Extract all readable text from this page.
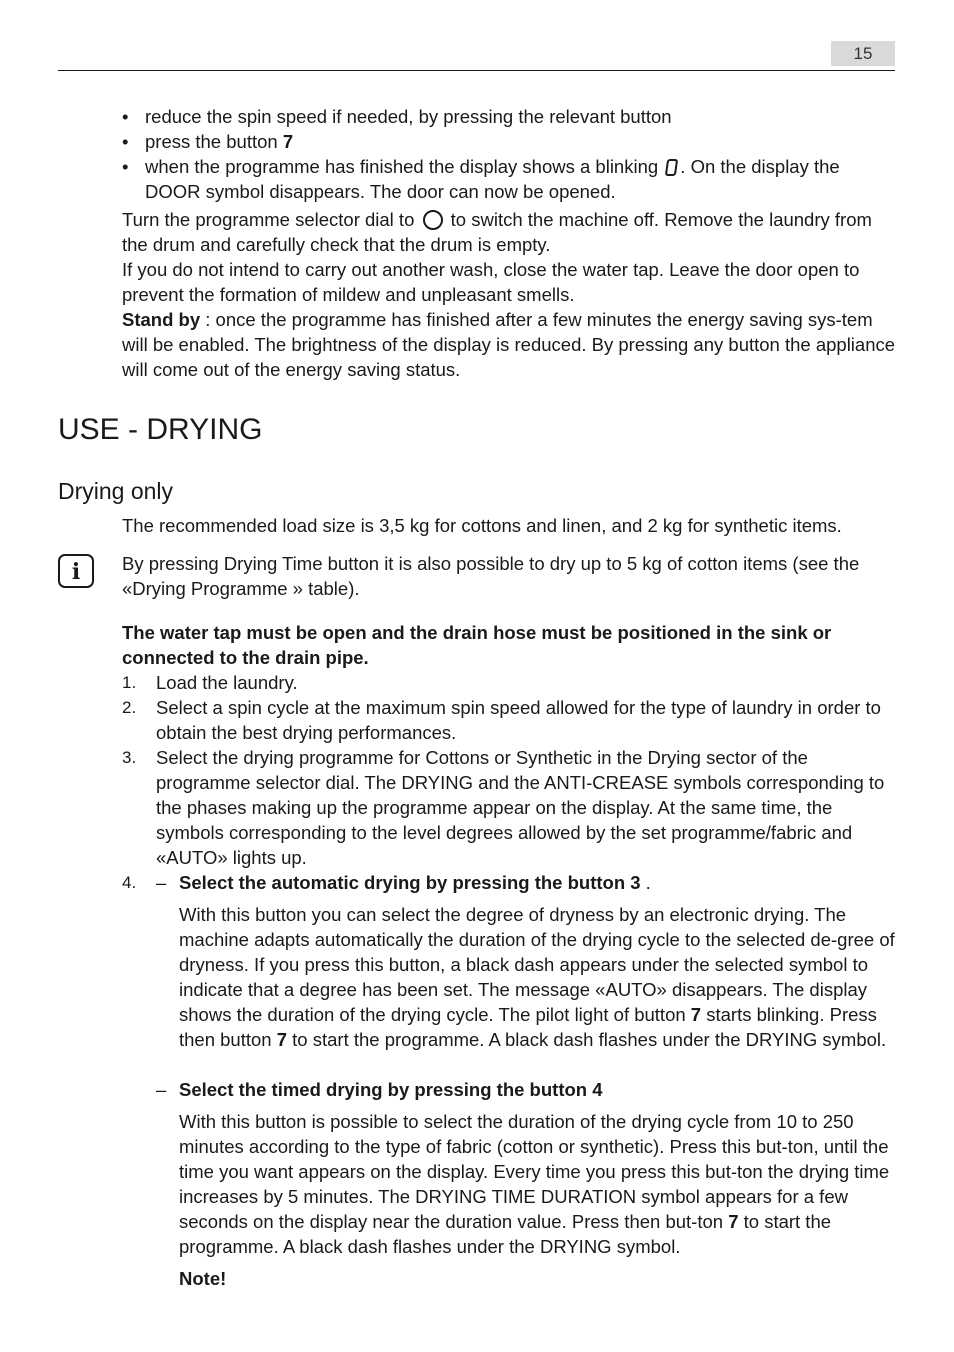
15
• reduce the spin speed if needed, by pressing the relevant button
• press the button 7
• when the programme has finished the display shows a blinking . On the display the DOOR symbol disappears. The door can now be opened.
Turn the programme selector dial to to switch the machine off. Remove the laundry from the drum and carefully check that the drum is empty.
If you do not intend to carry out another wash, close the water tap. Leave the door open to prevent the formation of mildew and unpleasant smells.
Stand by : once the programme has finished after a few minutes the energy saving sys-tem will be enabled. The brightness of the display is reduced. By pressing any button the appliance will come out of the energy saving status.
USE - DRYING
Drying only
The recommended load size is 3,5 kg for cottons and linen, and 2 kg for synthetic items.
i	By pressing Drying Time button it is also possible to dry up to 5 kg of cotton items (see the «Drying Programme » table).
The water tap must be open and the drain hose must be positioned in the sink or connected to the drain pipe.
1. Load the laundry.
2. Select a spin cycle at the maximum spin speed allowed for the type of laundry in order to obtain the best drying performances.
3. Select the drying programme for Cottons or Synthetic in the Drying sector of the programme selector dial. The DRYING and the ANTI-CREASE symbols corresponding to the phases making up the programme appear on the display. At the same time, the symbols corresponding to the level degrees allowed by the set programme/fabric and «AUTO» lights up.
4.
– Select the automatic drying by pressing the button 3 .
With this button you can select the degree of dryness by an electronic drying. The machine adapts automatically the duration of the drying cycle to the selected de-gree of dryness. If you press this button, a black dash appears under the selected symbol to indicate that a degree has been set. The message «AUTO» disappears. The display shows the duration of the drying cycle. The pilot light of button 7 starts blinking. Press then button 7 to start the programme. A black dash flashes under the DRYING symbol.
– Select the timed drying by pressing the button 4
With this button is possible to select the duration of the drying cycle from 10 to 250 minutes according to the type of fabric (cotton or synthetic). Press this but-ton, until the time you want appears on the display. Every time you press this but-ton the drying time increases by 5 minutes. The DRYING TIME DURATION symbol appears for a few seconds on the display near the duration value. Press then but-ton 7 to start the programme. A black dash flashes under the DRYING symbol.
Note!
